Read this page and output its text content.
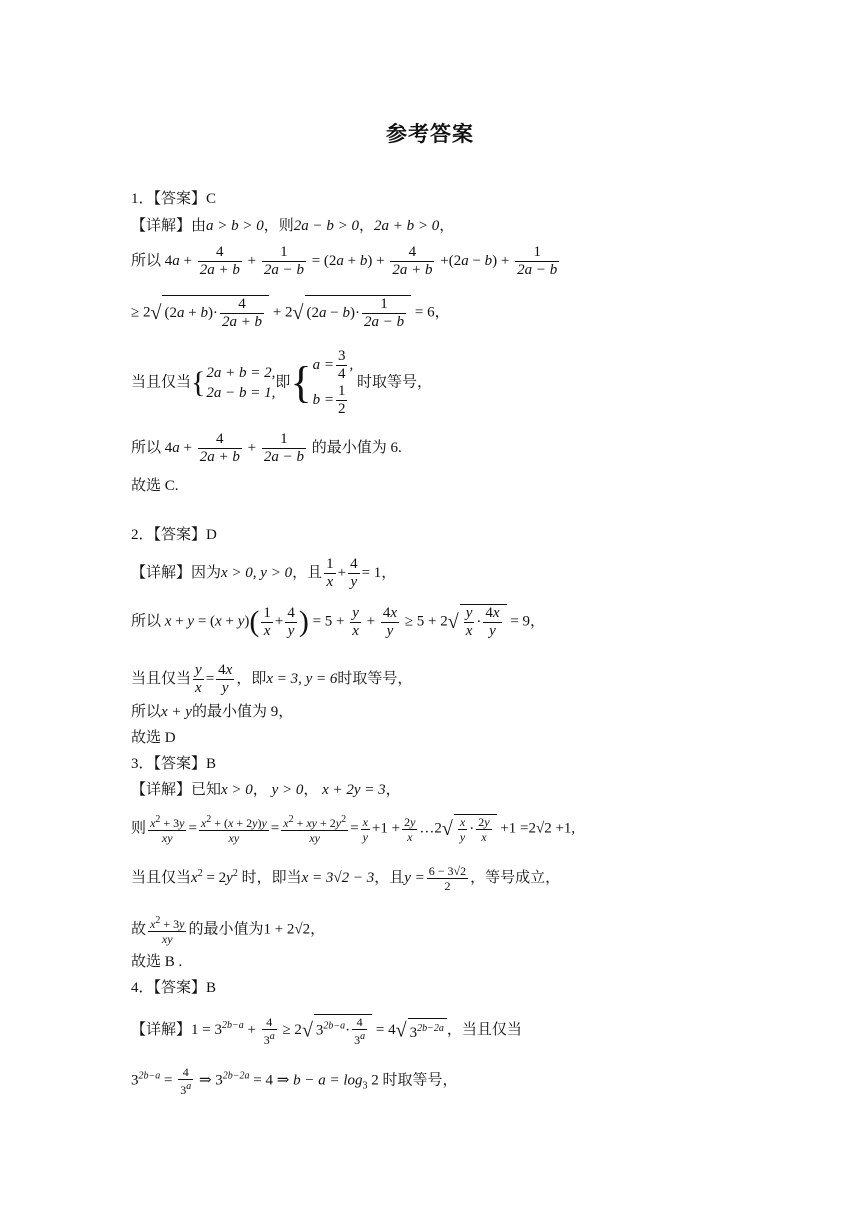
参考答案
1．【答案】C
【详解】由a > b > 0，则2a − b > 0，2a + b > 0，
所以 $4a + \frac{4}{2a + b} + \frac{1}{2a - b} = (2a + b) + \frac{4}{2a + b} +(2a - b) + \frac{1}{2a - b}$
≥ 2√ $(2a + b)\cdot \frac{4}{2a + b} + 2√$ $(2a - b)\cdot \frac{1}{2a - b} = 6$，
当且仅当{ 2a + b = 2,
2a − b = 1,
即{ $a = \frac{3}{4}$ ,
$b = \frac{1}{2}$
时取等号，
所以 $4a + \frac{4}{2a + b} + \frac{1}{2a - b}$ 的最小值为 6.
故选 C.
2．【答案】D
【详解】因为x > 0, y > 0，且 $\frac{1}{x} + \frac{4}{y} = 1$，
所以 $x + y = (x + y)( \frac{1}{x} + \frac{4}{y}$ ) = $5 + \frac{y}{x} + \frac{4x}{y} \ge 5 + 2√ \frac{y}{x} \cdot \frac{4x}{y} = 9$，
当且仅当 $\frac{y}{x} = \frac{4x}{y}$ ，即x = 3, y = 6时取等号，
所以x + y的最小值为 9，
故选 D
3．【答案】B
【详解】已知x > 0， y > 0， x + 2y = 3，
则 $\frac{x^2 + 3y}{xy} = \frac{x^2 + (x + 2y)y}{xy} = \frac{x^2 + xy + 2y^2}{xy} = \frac{x}{y} +1 + \frac{2y}{x}$ …2√ $\frac{x}{y} \cdot \frac{2y}{x} +1 =2√2 +1$,
当且仅当$x^2 = 2y^2$ 时，即当x = 3√2 − 3，且$y = \frac{6 - 3√2}{2}$ ，等号成立，
故 $\frac{x^2 + 3y}{xy}$ 的最小值为1 + 2√2，
故选 B .
4．【答案】B
【详解】$1 = 3^{2b-a} + \frac{4}{3^a} \ge 2√$ $3^{2b-a}\cdot \frac{4}{3^a} = 4√$ $3^{2b-2a}$ ，当且仅当
$3^{2b-a} = \frac{4}{3^a}$ ⇒ $3^{2b-2a} = 4$ ⇒ $b - a = \log_3 2$ 时取等号，
